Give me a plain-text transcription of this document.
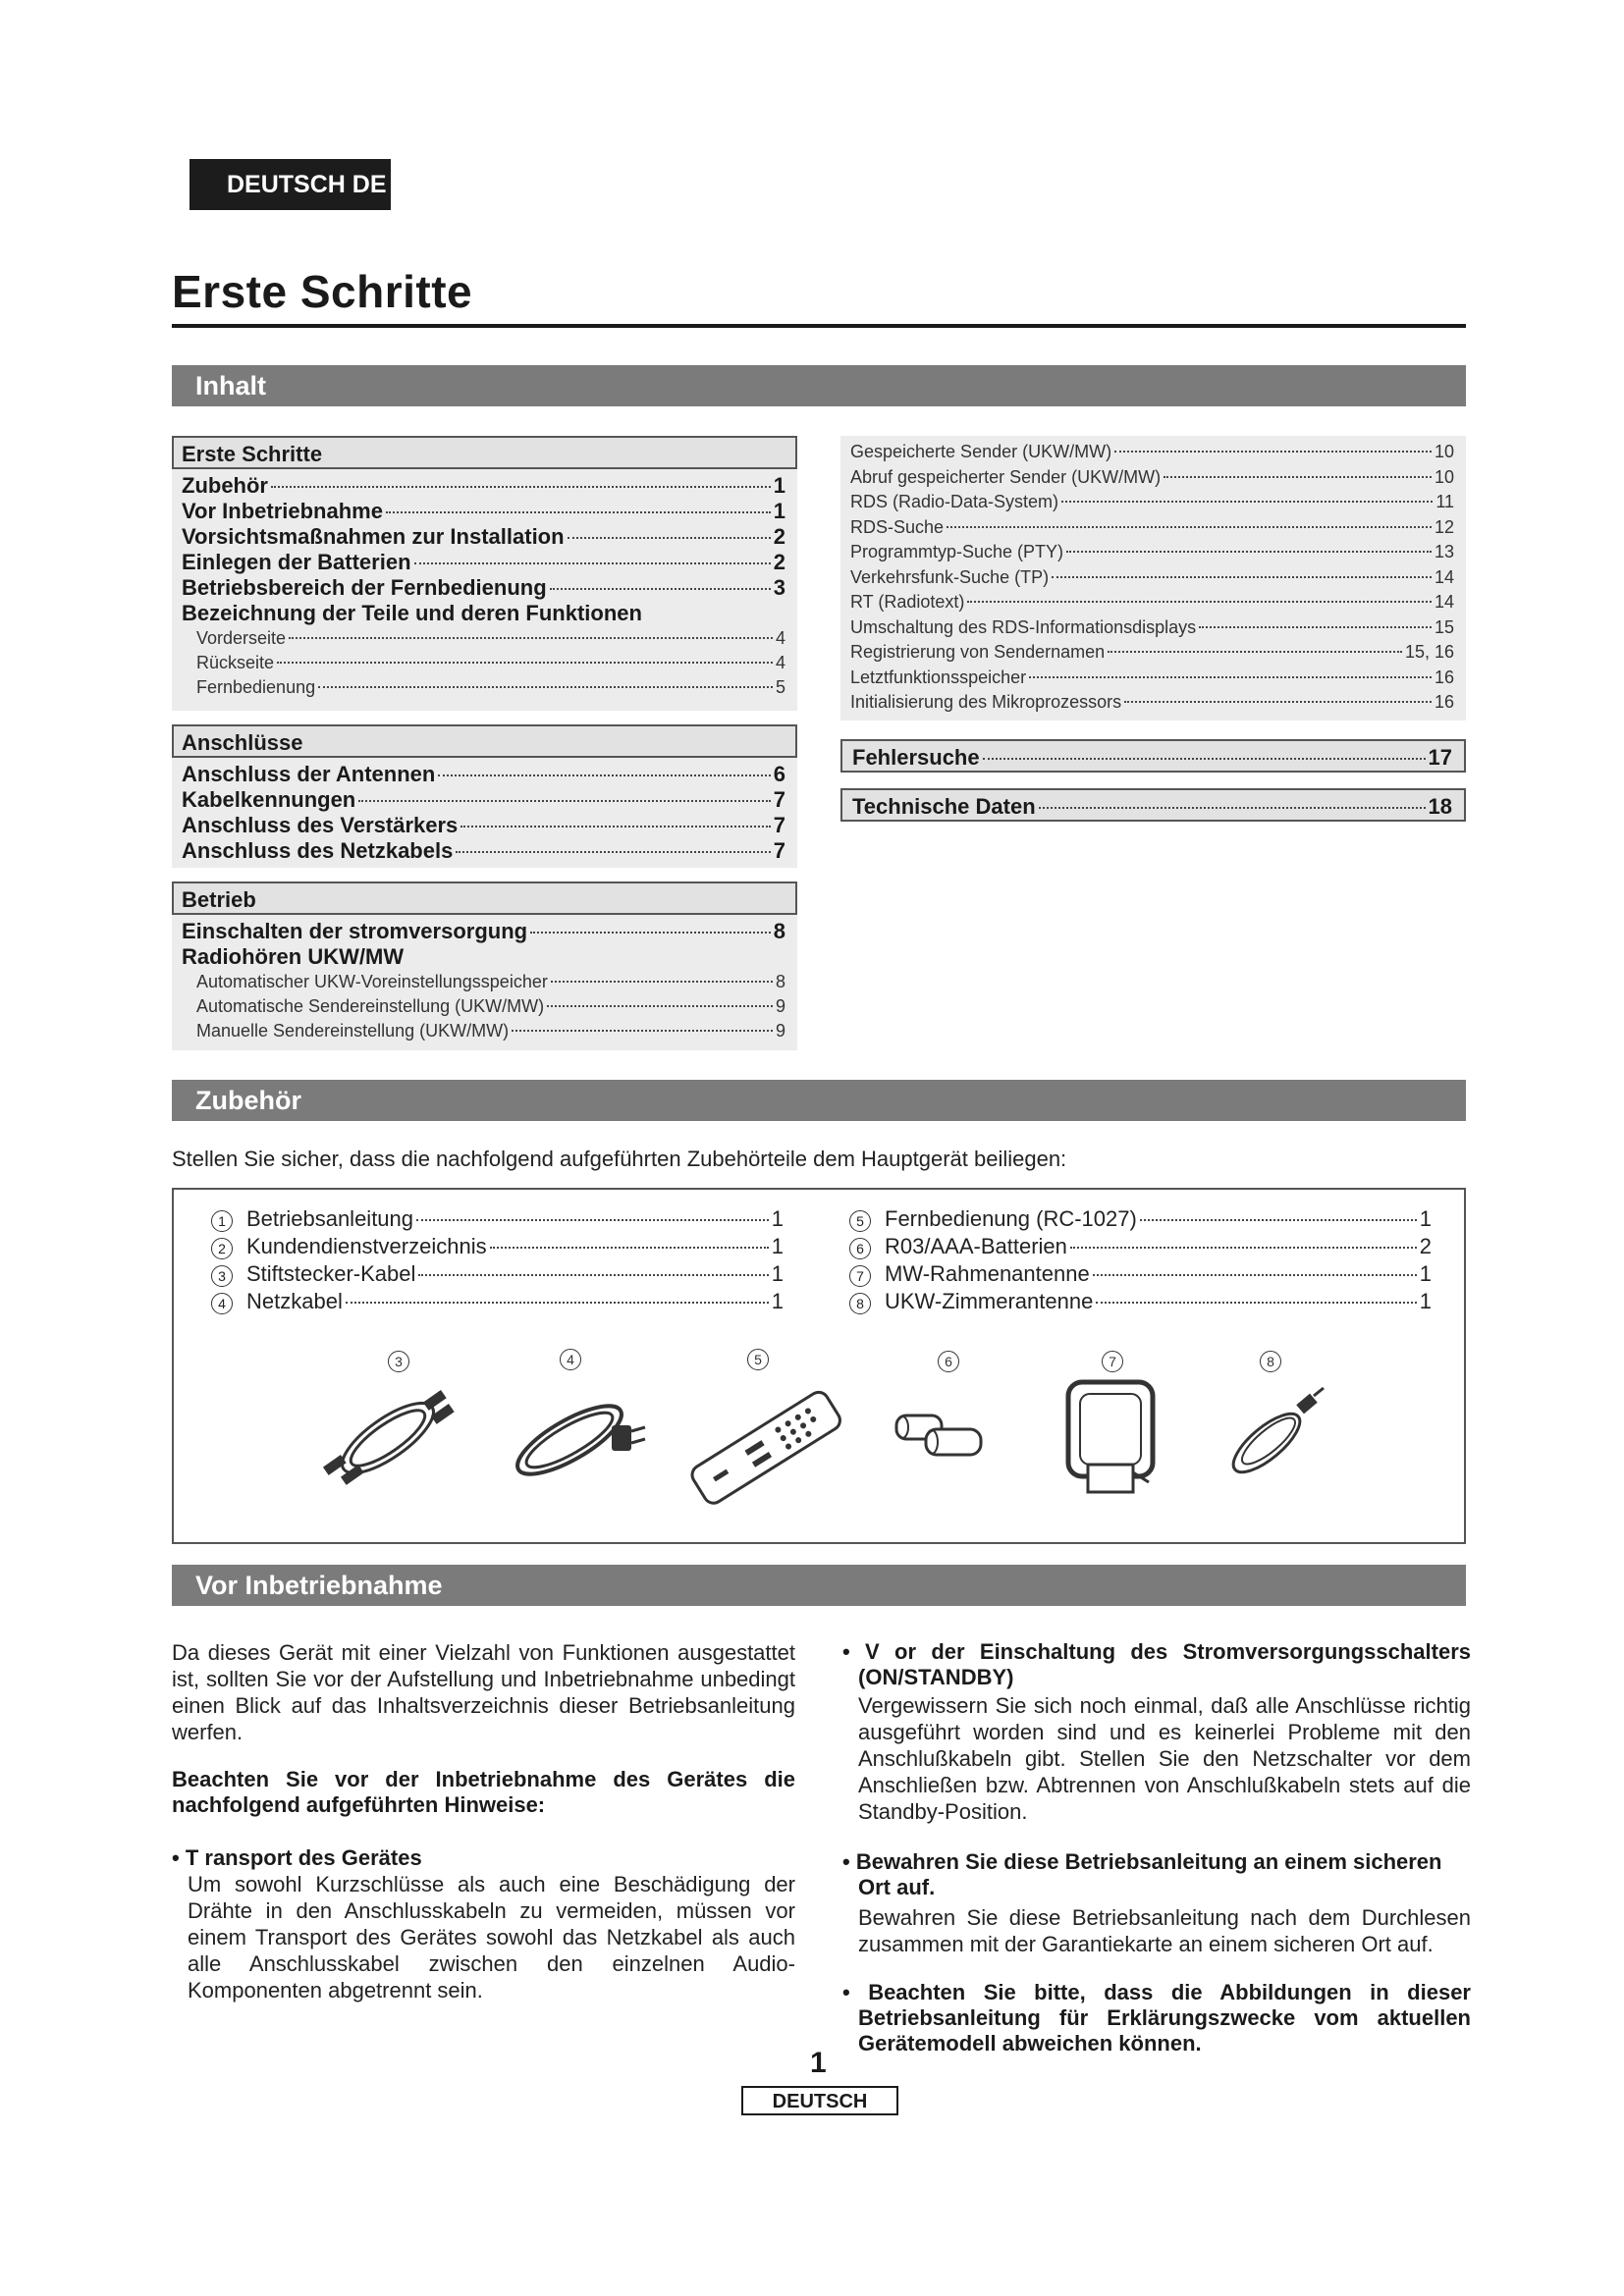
DEUTSCH DE
Erste Schritte
Inhalt
Erste Schritte
Zubehör	1
Vor Inbetriebnahme	1
Vorsichtsmaßnahmen zur Installation	2
Einlegen der Batterien	2
Betriebsbereich der Fernbedienung	3
Bezeichnung der Teile und deren Funktionen
Vorderseite	4
Rückseite	4
Fernbedienung	5
Anschlüsse
Anschluss der Antennen	6
Kabelkennungen	7
Anschluss des Verstärkers	7
Anschluss des Netzkabels	7
Betrieb
Einschalten der stromversorgung	8
Radiohören UKW/MW
Automatischer UKW-Voreinstellungsspeicher	8
Automatische Sendereinstellung (UKW/MW)	9
Manuelle Sendereinstellung (UKW/MW)	9
Gespeicherte Sender (UKW/MW)	10
Abruf gespeicherter Sender (UKW/MW)	10
RDS (Radio-Data-System)	11
RDS-Suche	12
Programmtyp-Suche (PTY)	13
Verkehrsfunk-Suche (TP)	14
RT (Radiotext)	14
Umschaltung des RDS-Informationsdisplays	15
Registrierung von Sendernamen	15, 16
Letztfunktionsspeicher	16
Initialisierung des Mikroprozessors	16
Fehlersuche	17
Technische Daten	18
Zubehör
Stellen Sie sicher, dass die nachfolgend aufgeführten Zubehörteile dem Hauptgerät beiliegen:
1 Betriebsanleitung	1
2 Kundendienstverzeichnis	1
3 Stiftstecker-Kabel	1
4 Netzkabel	1
5 Fernbedienung (RC-1027)	1
6 R03/AAA-Batterien	2
7 MW-Rahmenantenne	1
8 UKW-Zimmerantenne	1
3	4	5	6	7	8
Vor Inbetriebnahme
Da dieses Gerät mit einer Vielzahl von Funktionen ausgestattet ist, sollten Sie vor der Aufstellung und Inbetriebnahme unbedingt einen Blick auf das Inhaltsverzeichnis dieser Betriebsanleitung werfen.
Beachten Sie vor der Inbetriebnahme des Gerätes die nachfolgend aufgeführten Hinweise:
• T ransport des Gerätes
Um sowohl Kurzschlüsse als auch eine Beschädigung der Drähte in den Anschlusskabeln zu vermeiden, müssen vor einem Transport des Gerätes sowohl das Netzkabel als auch alle Anschlusskabel zwischen den einzelnen Audio-Komponenten abgetrennt sein.
• V or der Einschaltung des Stromversorgungsschalters (ON/STANDBY)
Vergewissern Sie sich noch einmal, daß alle Anschlüsse richtig ausgeführt worden sind und es keinerlei Probleme mit den Anschlußkabeln gibt. Stellen Sie den Netzschalter vor dem Anschließen bzw. Abtrennen von Anschlußkabeln stets auf die Standby-Position.
• Bewahren Sie diese Betriebsanleitung an einem sicheren Ort auf.
Bewahren Sie diese Betriebsanleitung nach dem Durchlesen zusammen mit der Garantiekarte an einem sicheren Ort auf.
• Beachten Sie bitte, dass die Abbildungen in dieser Betriebsanleitung für Erklärungszwecke vom aktuellen Gerätemodell abweichen können.
1
DEUTSCH
